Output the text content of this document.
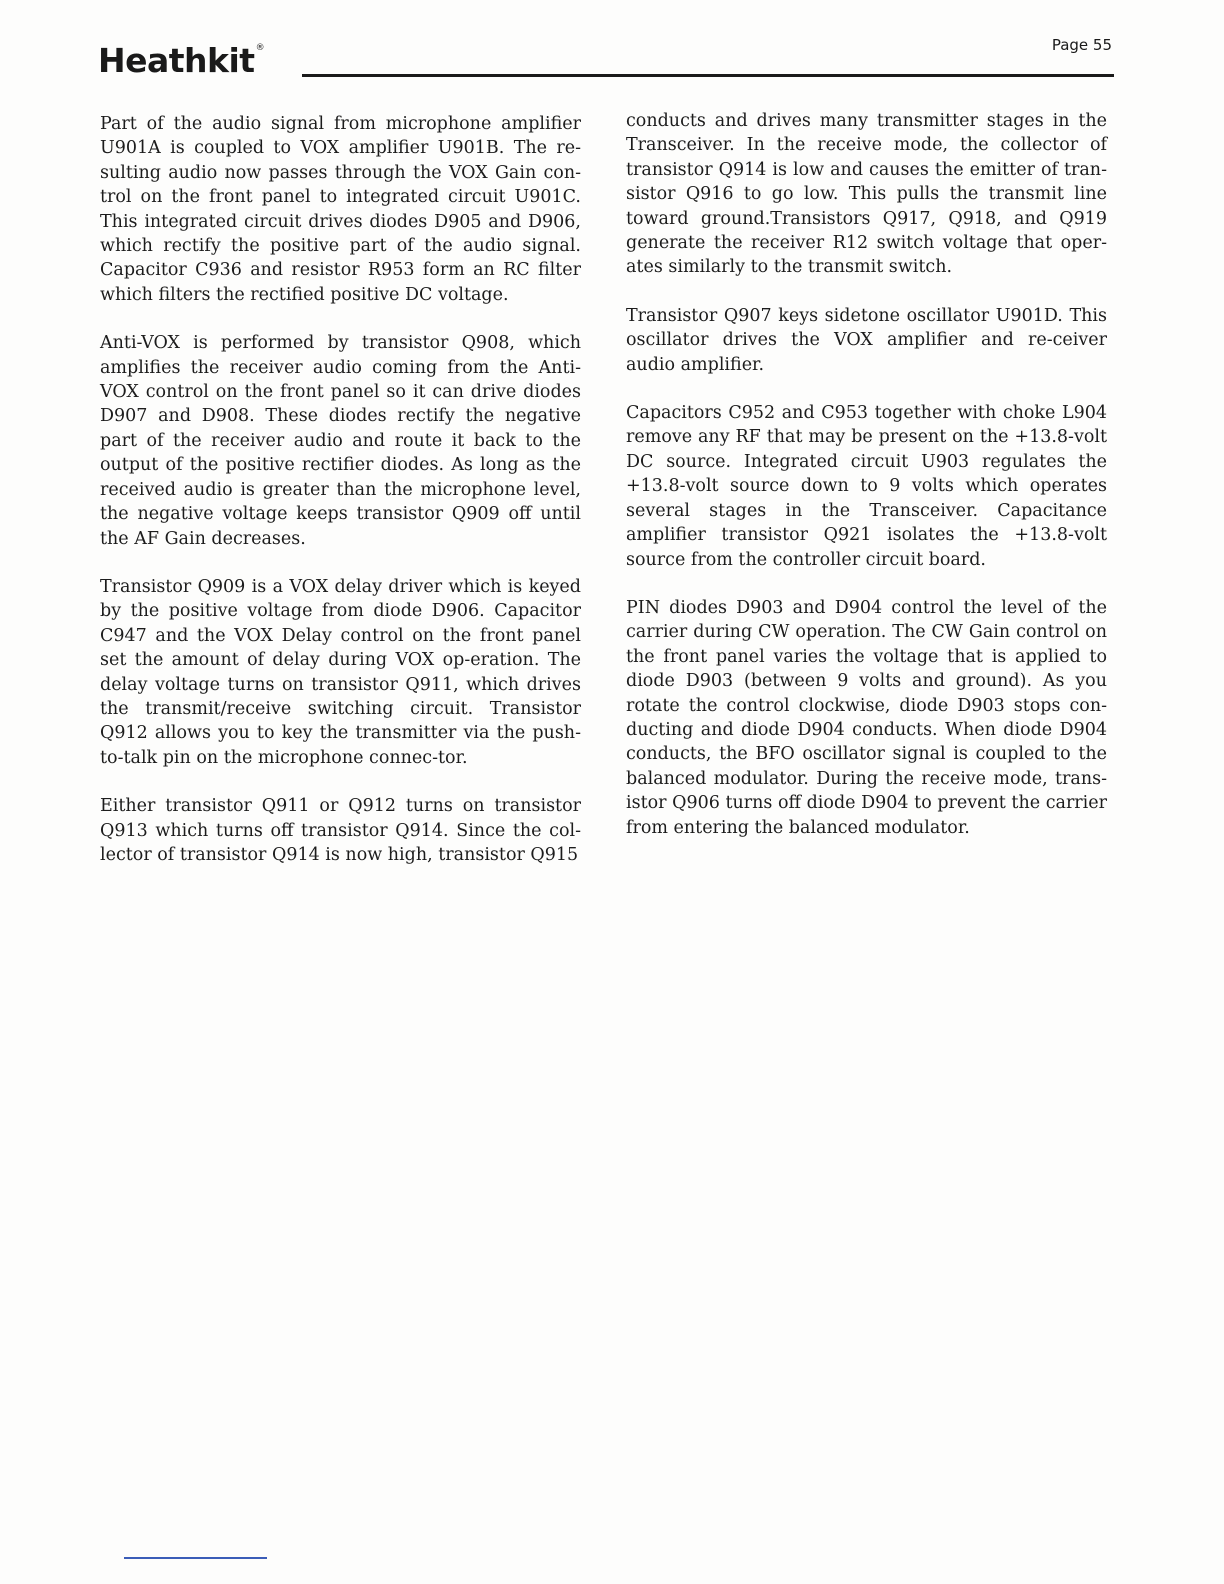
Heathkit®	Page 55

Part of the audio signal from microphone amplifier U901A is coupled to VOX amplifier U901B. The re-sulting audio now passes through the VOX Gain con-trol on the front panel to integrated circuit U901C. This integrated circuit drives diodes D905 and D906, which rectify the positive part of the audio signal. Capacitor C936 and resistor R953 form an RC filter which filters the rectified positive DC voltage.

Anti-VOX is performed by transistor Q908, which amplifies the receiver audio coming from the Anti-VOX control on the front panel so it can drive diodes D907 and D908. These diodes rectify the negative part of the receiver audio and route it back to the output of the positive rectifier diodes. As long as the received audio is greater than the microphone level, the negative voltage keeps transistor Q909 off until the AF Gain decreases.

Transistor Q909 is a VOX delay driver which is keyed by the positive voltage from diode D906. Capacitor C947 and the VOX Delay control on the front panel set the amount of delay during VOX op-eration. The delay voltage turns on transistor Q911, which drives the transmit/receive switching circuit. Transistor Q912 allows you to key the transmitter via the push-to-talk pin on the microphone connec-tor.

Either transistor Q911 or Q912 turns on transistor Q913 which turns off transistor Q914. Since the col-lector of transistor Q914 is now high, transistor Q915

conducts and drives many transmitter stages in the Transceiver. In the receive mode, the collector of transistor Q914 is low and causes the emitter of tran-sistor Q916 to go low. This pulls the transmit line toward ground.Transistors Q917, Q918, and Q919 generate the receiver R12 switch voltage that oper-ates similarly to the transmit switch.

Transistor Q907 keys sidetone oscillator U901D. This oscillator drives the VOX amplifier and re-ceiver audio amplifier.

Capacitors C952 and C953 together with choke L904 remove any RF that may be present on the +13.8-volt DC source. Integrated circuit U903 regulates the +13.8-volt source down to 9 volts which operates several stages in the Transceiver. Capacitance amplifier transistor Q921 isolates the +13.8-volt source from the controller circuit board.

PIN diodes D903 and D904 control the level of the carrier during CW operation. The CW Gain control on the front panel varies the voltage that is applied to diode D903 (between 9 volts and ground). As you rotate the control clockwise, diode D903 stops con-ducting and diode D904 conducts. When diode D904 conducts, the BFO oscillator signal is coupled to the balanced modulator. During the receive mode, trans-istor Q906 turns off diode D904 to prevent the carrier from entering the balanced modulator.
